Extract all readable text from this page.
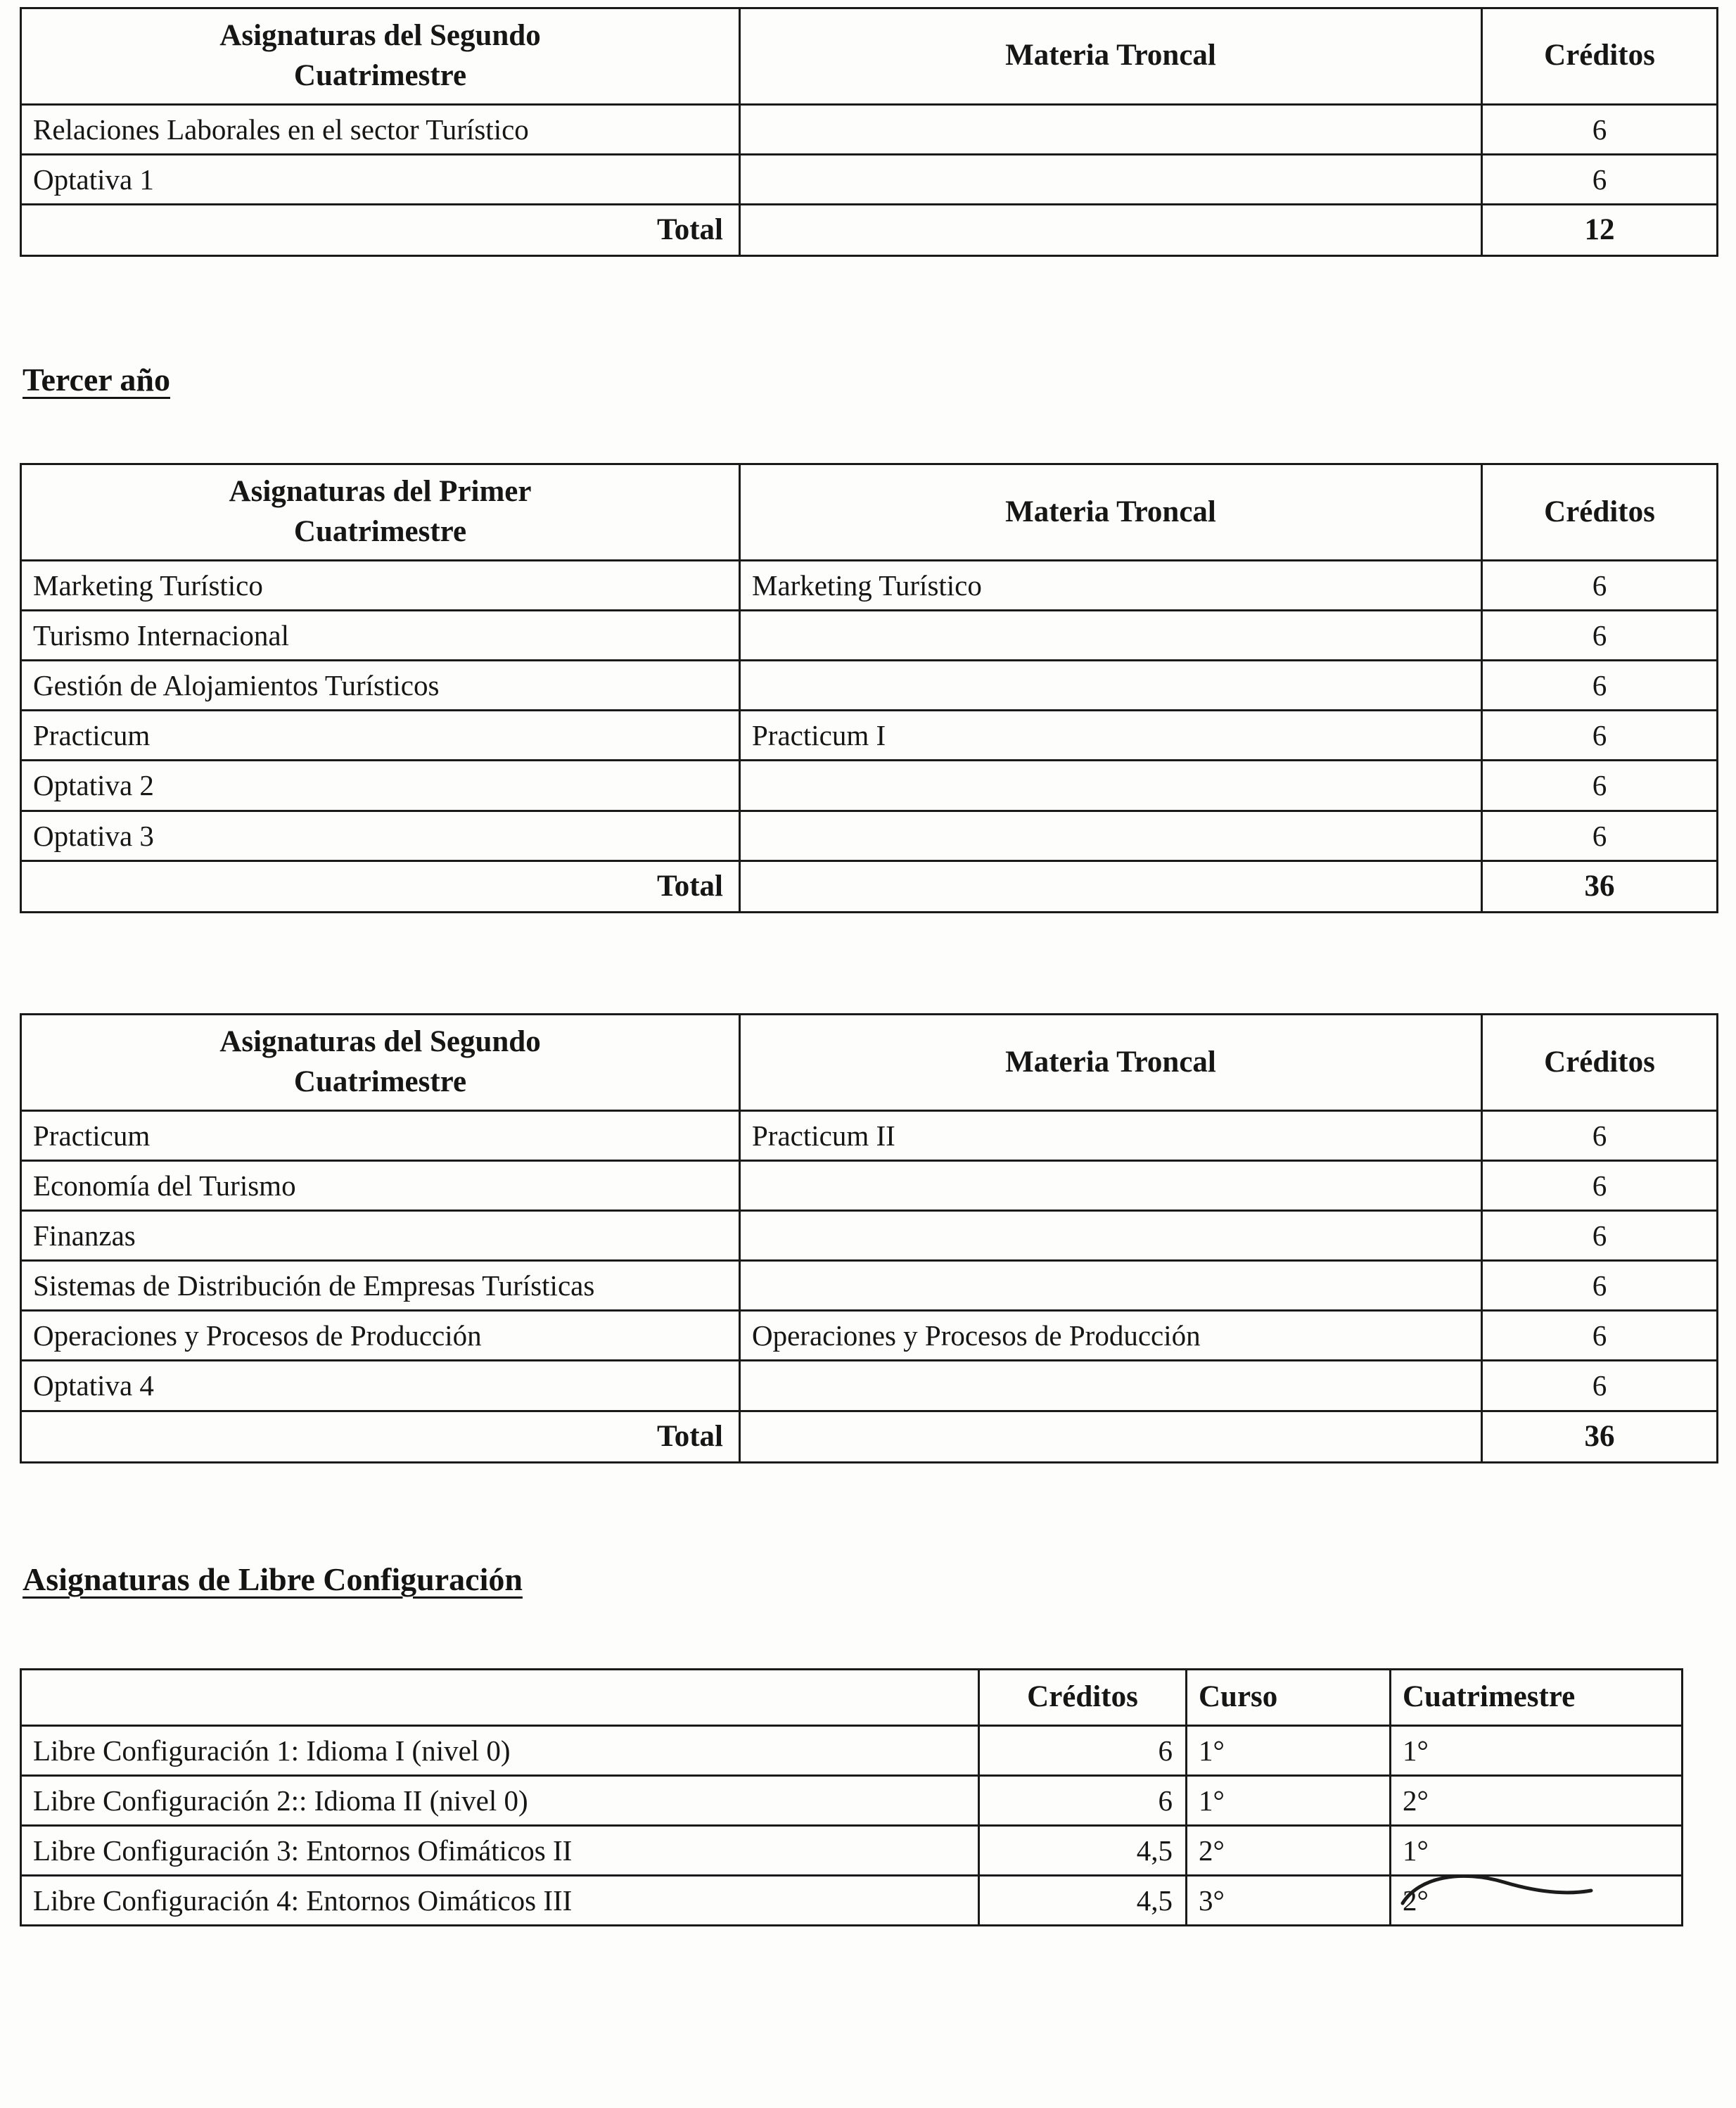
Asignaturas del Segundo
Cuatrimestre	Materia Troncal	Créditos
Relaciones Laborales en el sector Turístico		6
Optativa 1		6
Total		12
Tercer año
Asignaturas del Primer
Cuatrimestre	Materia Troncal	Créditos
Marketing Turístico	Marketing Turístico	6
Turismo Internacional		6
Gestión de Alojamientos Turísticos		6
Practicum	Practicum I	6
Optativa 2		6
Optativa 3		6
Total		36
Asignaturas del Segundo
Cuatrimestre	Materia Troncal	Créditos
Practicum	Practicum II	6
Economía del Turismo		6
Finanzas		6
Sistemas de Distribución de Empresas Turísticas		6
Operaciones y Procesos de Producción	Operaciones y Procesos de Producción	6
Optativa 4		6
Total		36
Asignaturas de Libre Configuración
	Créditos	Curso	Cuatrimestre
Libre Configuración 1: Idioma I (nivel 0)	6	1°	1°
Libre Configuración 2:: Idioma II (nivel 0)	6	1°	2°
Libre Configuración 3: Entornos Ofimáticos II	4,5	2°	1°
Libre Configuración 4: Entornos Oimáticos III	4,5	3°	2°
